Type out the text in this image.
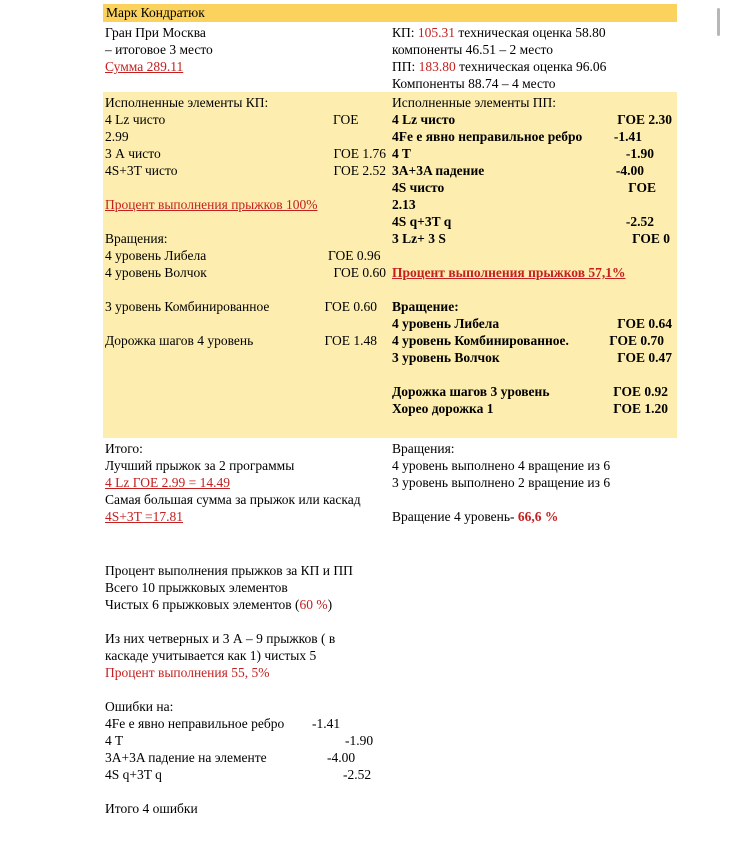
Марк Кондратюк
Гран При Москва
– итоговое 3 место
Сумма 289.11
КП: 105.31 техническая оценка 58.80
компоненты 46.51 – 2 место
ПП: 183.80 техническая оценка 96.06
Компоненты 88.74 – 4 место
Исполненные элементы КП:
4 Lz чисто	ГОЕ
2.99
3 А чисто	ГОЕ 1.76
4S+3T чисто	ГОЕ 2.52
Процент выполнения прыжков 100%
Вращения:
4 уровень Либела	ГОЕ 0.96
4 уровень Волчок	ГОЕ 0.60
3 уровень Комбинированное	ГОЕ 0.60
Дорожка шагов 4 уровень	ГОЕ 1.48
Исполненные элементы ПП:
4 Lz чисто	ГОЕ 2.30
4Fe е явно неправильное ребро -1.41
4 T	-1.90
3A+3A падение	-4.00
4S чисто	ГОЕ
2.13
4S q+3T q	-2.52
3 Lz+ 3 S	ГОЕ 0
Процент выполнения прыжков 57,1%
Вращение:
4 уровень Либела	ГОЕ 0.64
4 уровень Комбинированное.	ГОЕ 0.70
3 уровень Волчок	ГОЕ 0.47
Дорожка шагов 3 уровень	ГОЕ 0.92
Хорео дорожка 1	ГОЕ 1.20
Итого:
Лучший прыжок за 2 программы
4 Lz ГОЕ 2.99 = 14.49
Самая большая сумма за прыжок или каскад
4S+3T =17.81
Вращения:
4 уровень выполнено 4 вращение из 6
3 уровень выполнено 2 вращение из 6
Вращение 4 уровень- 66,6 %
Процент выполнения прыжков за КП и ПП
Всего 10 прыжковых элементов
Чистых 6 прыжковых элементов (60 %)
Из них четверных и 3 А – 9 прыжков ( в
каскаде учитывается как 1) чистых 5
Процент выполнения 55, 5%
Ошибки на:
4Fe е явно неправильное ребро -1.41
4 T	-1.90
3A+3A падение на элементе	-4.00
4S q+3T q	-2.52
Итого 4 ошибки
